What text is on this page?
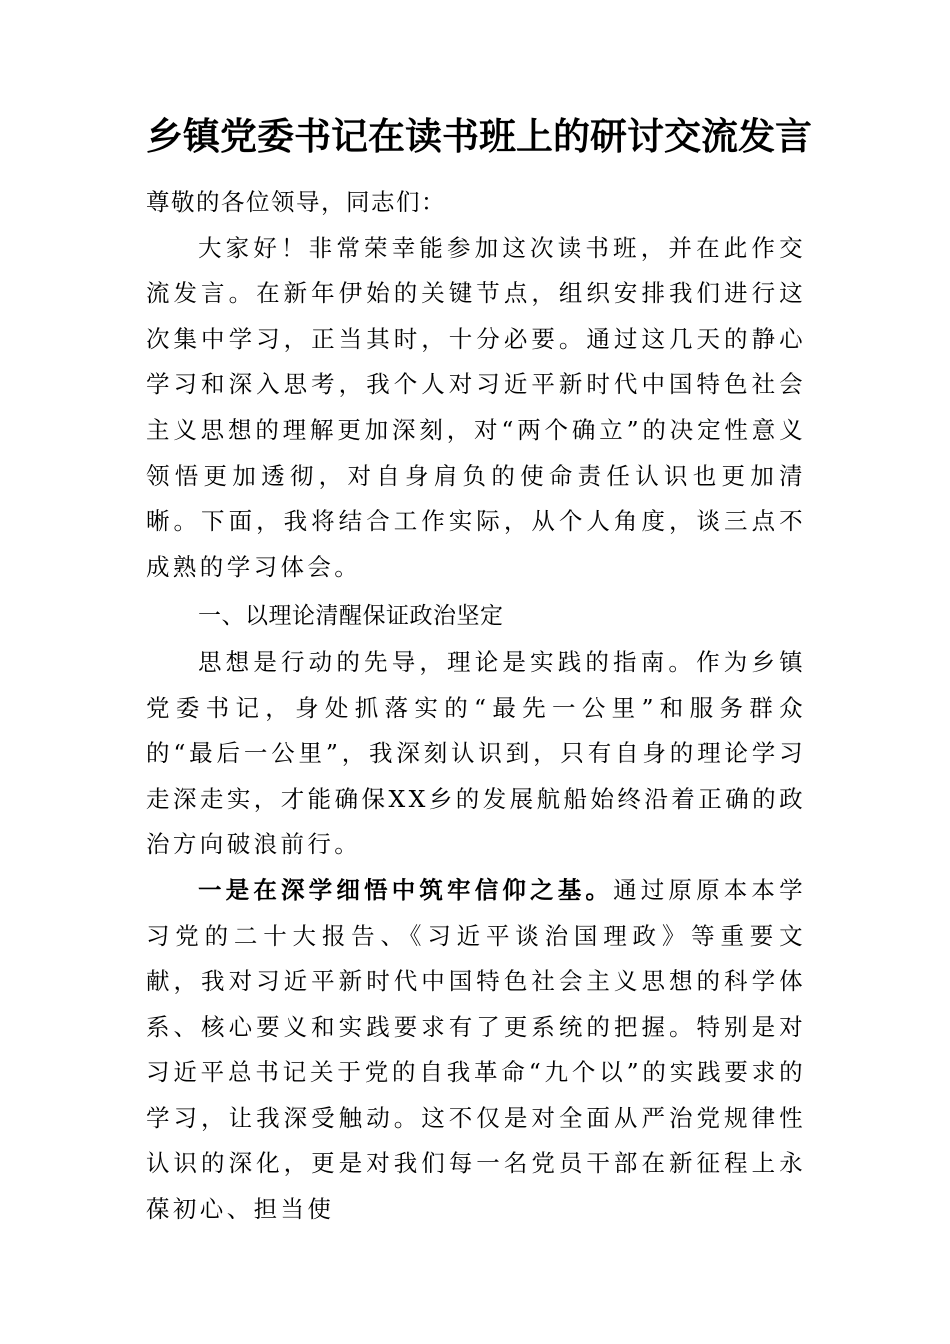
乡镇党委书记在读书班上的研讨交流发言

尊敬的各位领导，同志们：

大家好！非常荣幸能参加这次读书班，并在此作交流发言。在新年伊始的关键节点，组织安排我们进行这次集中学习，正当其时，十分必要。通过这几天的静心学习和深入思考，我个人对习近平新时代中国特色社会主义思想的理解更加深刻，对“两个确立”的决定性意义领悟更加透彻，对自身肩负的使命责任认识也更加清晰。下面，我将结合工作实际，从个人角度，谈三点不成熟的学习体会。

一、以理论清醒保证政治坚定

思想是行动的先导，理论是实践的指南。作为乡镇党委书记，身处抓落实的“最先一公里”和服务群众的“最后一公里”，我深刻认识到，只有自身的理论学习走深走实，才能确保XX乡的发展航船始终沿着正确的政治方向破浪前行。

一是在深学细悟中筑牢信仰之基。通过原原本本学习党的二十大报告、《习近平谈治国理政》等重要文献，我对习近平新时代中国特色社会主义思想的科学体系、核心要义和实践要求有了更系统的把握。特别是对习近平总书记关于党的自我革命“九个以”的实践要求的学习，让我深受触动。这不仅是对全面从严治党规律性认识的深化，更是对我们每一名党员干部在新征程上永葆初心、担当使
